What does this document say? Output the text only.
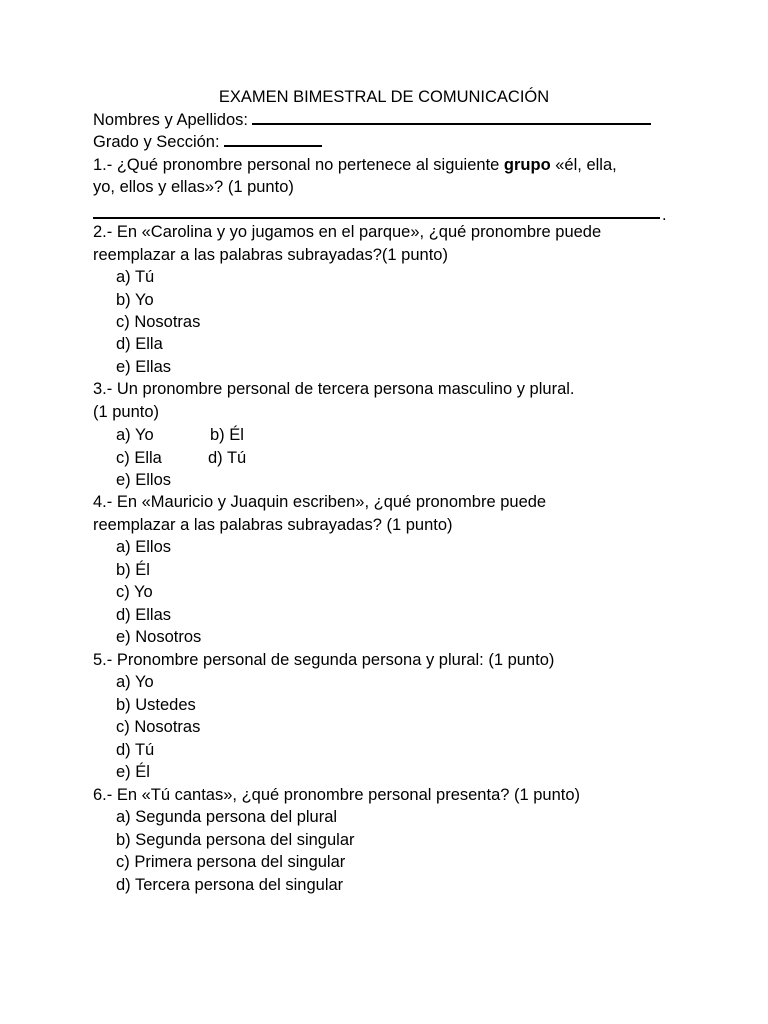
EXAMEN BIMESTRAL DE COMUNICACIÓN
Nombres y Apellidos:
Grado y Sección:
1.- ¿Qué pronombre personal no pertenece al siguiente grupo «él, ella,
yo, ellos y ellas»? (1 punto)
.
2.- En «Carolina y yo jugamos en el parque», ¿qué pronombre puede
reemplazar a las palabras subrayadas?(1 punto)
a) Tú
b) Yo
c) Nosotras
d) Ella
e) Ellas
3.- Un pronombre personal de tercera persona masculino y plural.
(1 punto)
a) Yo	b) Él
c) Ella	d) Tú
e) Ellos
4.- En «Mauricio y Juaquin escriben», ¿qué pronombre puede
reemplazar a las palabras subrayadas? (1 punto)
a) Ellos
b) Él
c) Yo
d) Ellas
e) Nosotros
5.- Pronombre personal de segunda persona y plural: (1 punto)
a) Yo
b) Ustedes
c) Nosotras
d) Tú
e) Él
6.- En «Tú cantas», ¿qué pronombre personal presenta? (1 punto)
a) Segunda persona del plural
b) Segunda persona del singular
c) Primera persona del singular
d) Tercera persona del singular
